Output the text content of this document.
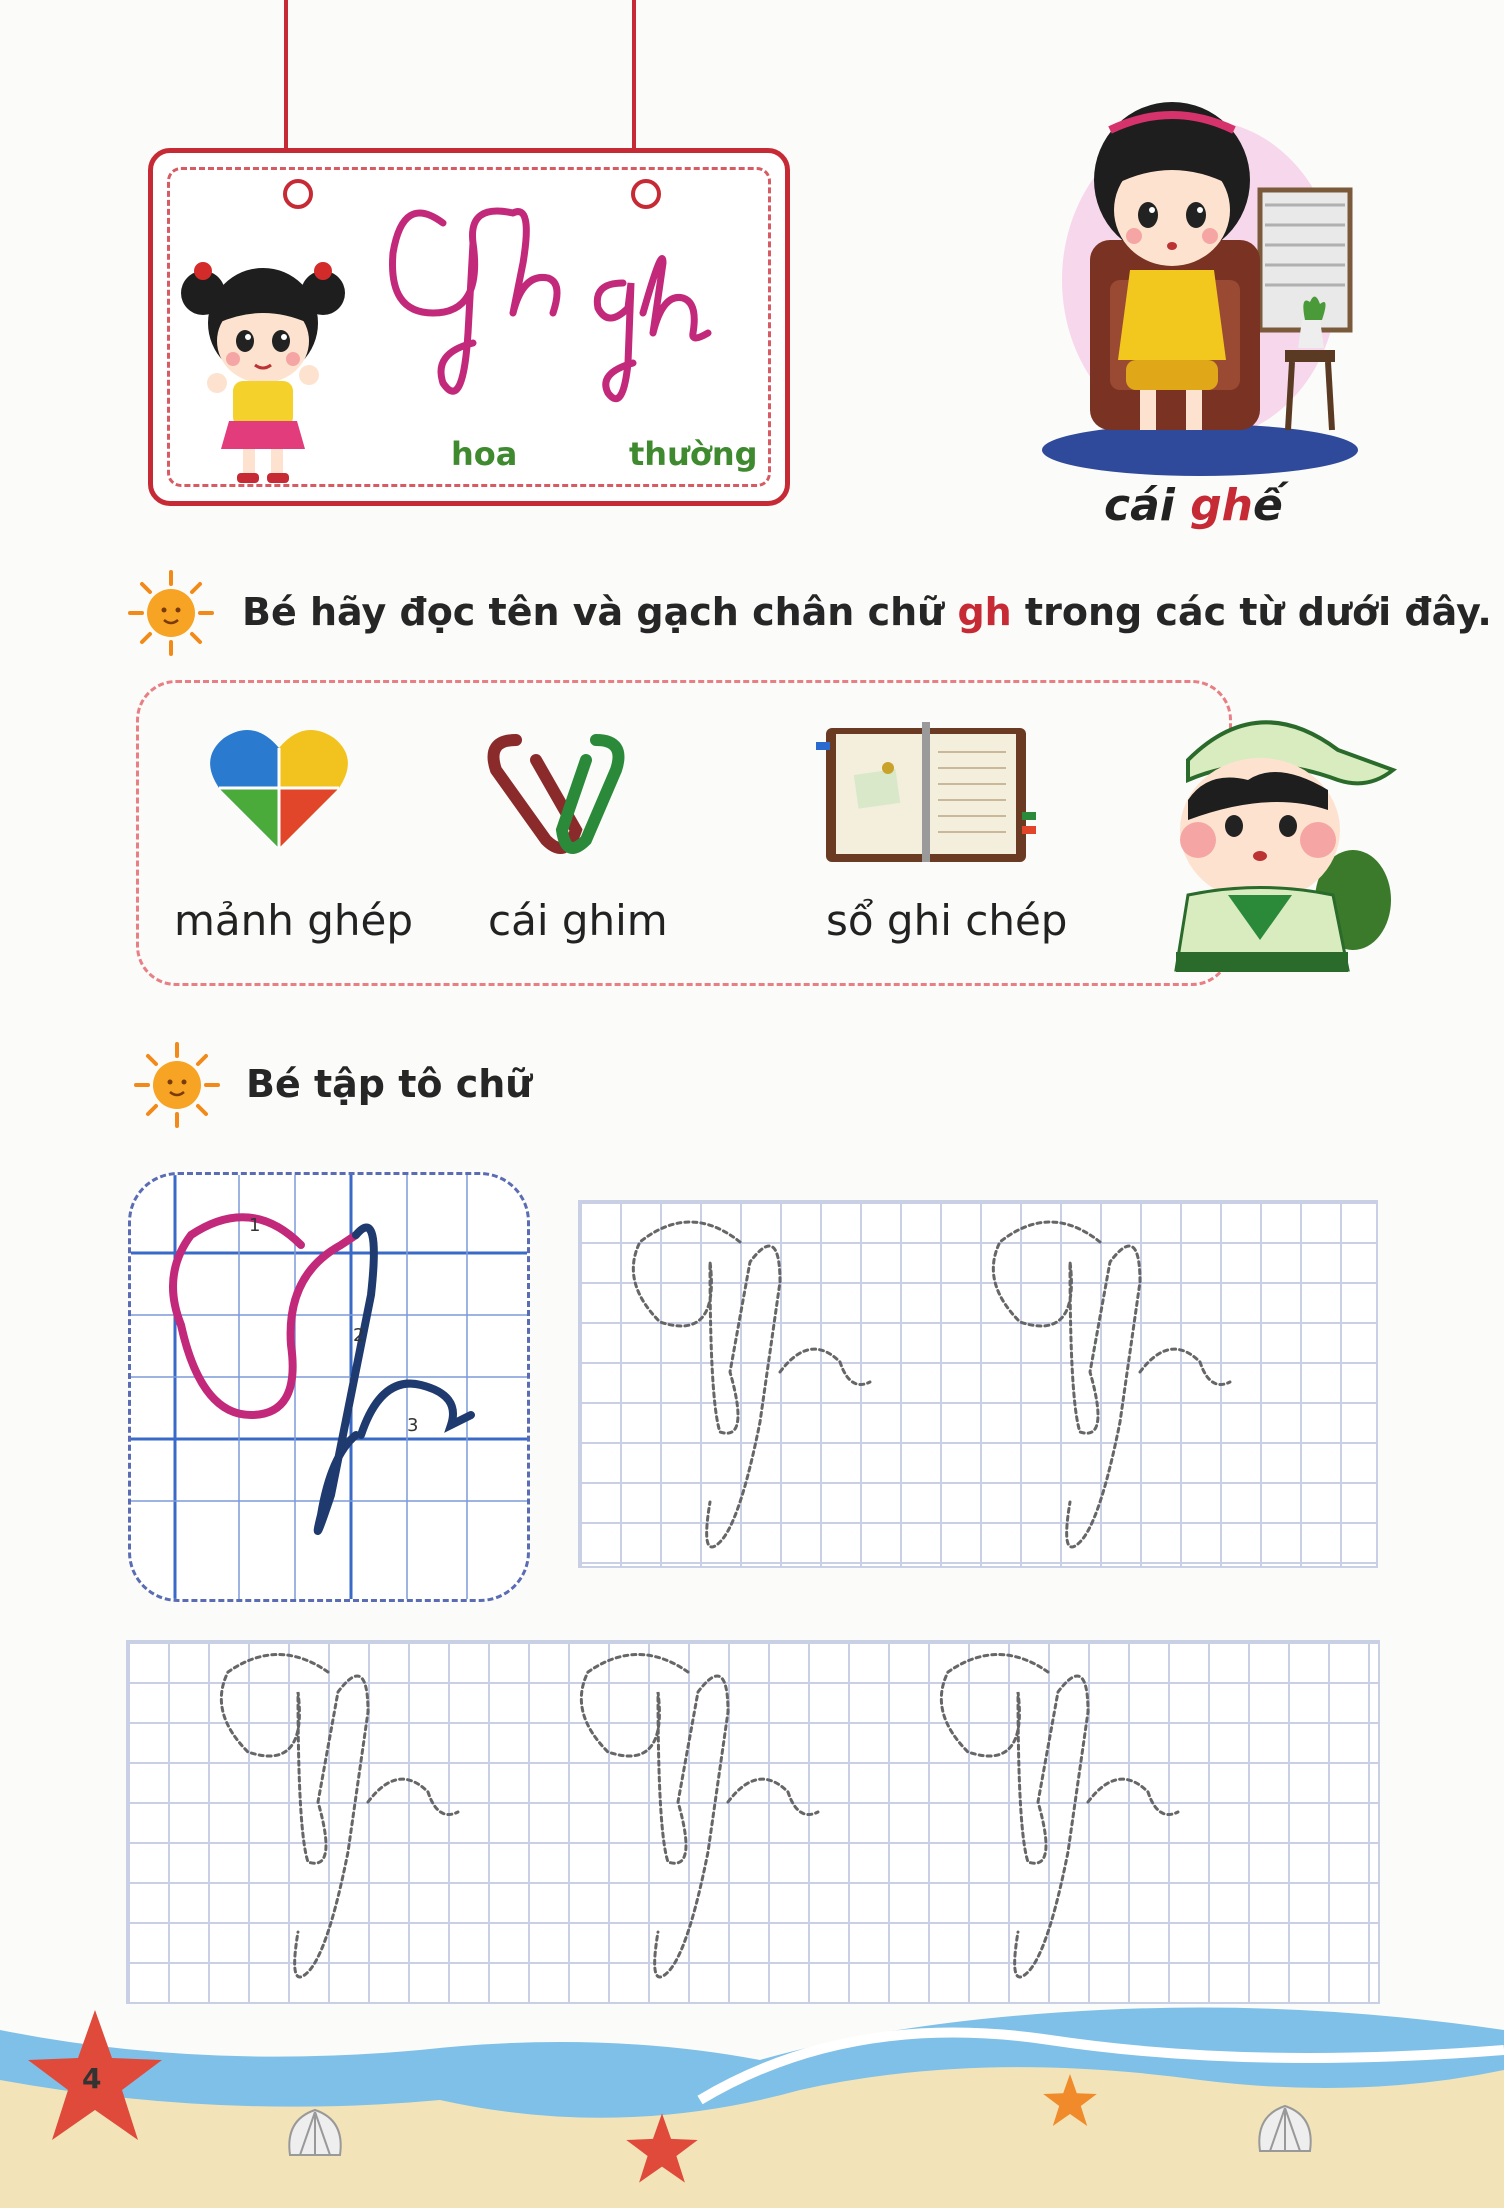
hoa	thường
cái ghế
Bé hãy đọc tên và gạch chân chữ gh trong các từ dưới đây.
mảnh ghép cái ghim	sổ ghi chép
Bé tập tô chữ
1
2
3
4
